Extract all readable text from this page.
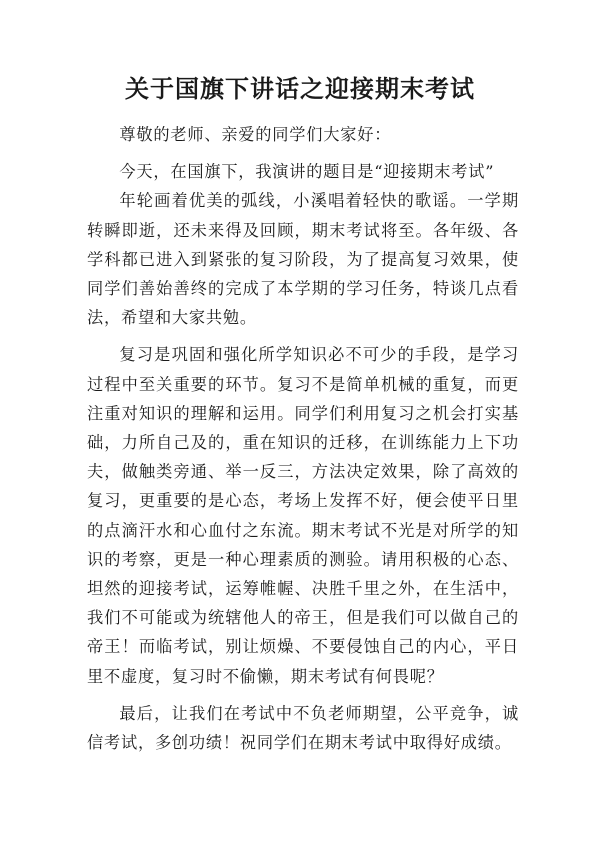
关于国旗下讲话之迎接期末考试

尊敬的老师、亲爱的同学们大家好：

今天，在国旗下，我演讲的题目是“迎接期末考试”

年轮画着优美的弧线，小溪唱着轻快的歌谣。一学期转瞬即逝，还未来得及回顾，期末考试将至。各年级、各学科都已进入到紧张的复习阶段，为了提高复习效果，使同学们善始善终的完成了本学期的学习任务，特谈几点看法，希望和大家共勉。

复习是巩固和强化所学知识必不可少的手段，是学习过程中至关重要的环节。复习不是简单机械的重复，而更注重对知识的理解和运用。同学们利用复习之机会打实基础，力所自己及的，重在知识的迁移，在训练能力上下功夫，做触类旁通、举一反三，方法决定效果，除了高效的复习，更重要的是心态，考场上发挥不好，便会使平日里的点滴汗水和心血付之东流。期末考试不光是对所学的知识的考察，更是一种心理素质的测验。请用积极的心态、坦然的迎接考试，运筹帷幄、决胜千里之外，在生活中，我们不可能或为统辖他人的帝王，但是我们可以做自己的帝王！而临考试，别让烦燥、不要侵蚀自己的内心，平日里不虚度，复习时不偷懒，期末考试有何畏呢？

最后，让我们在考试中不负老师期望，公平竞争，诚信考试，多创功绩！祝同学们在期末考试中取得好成绩。
